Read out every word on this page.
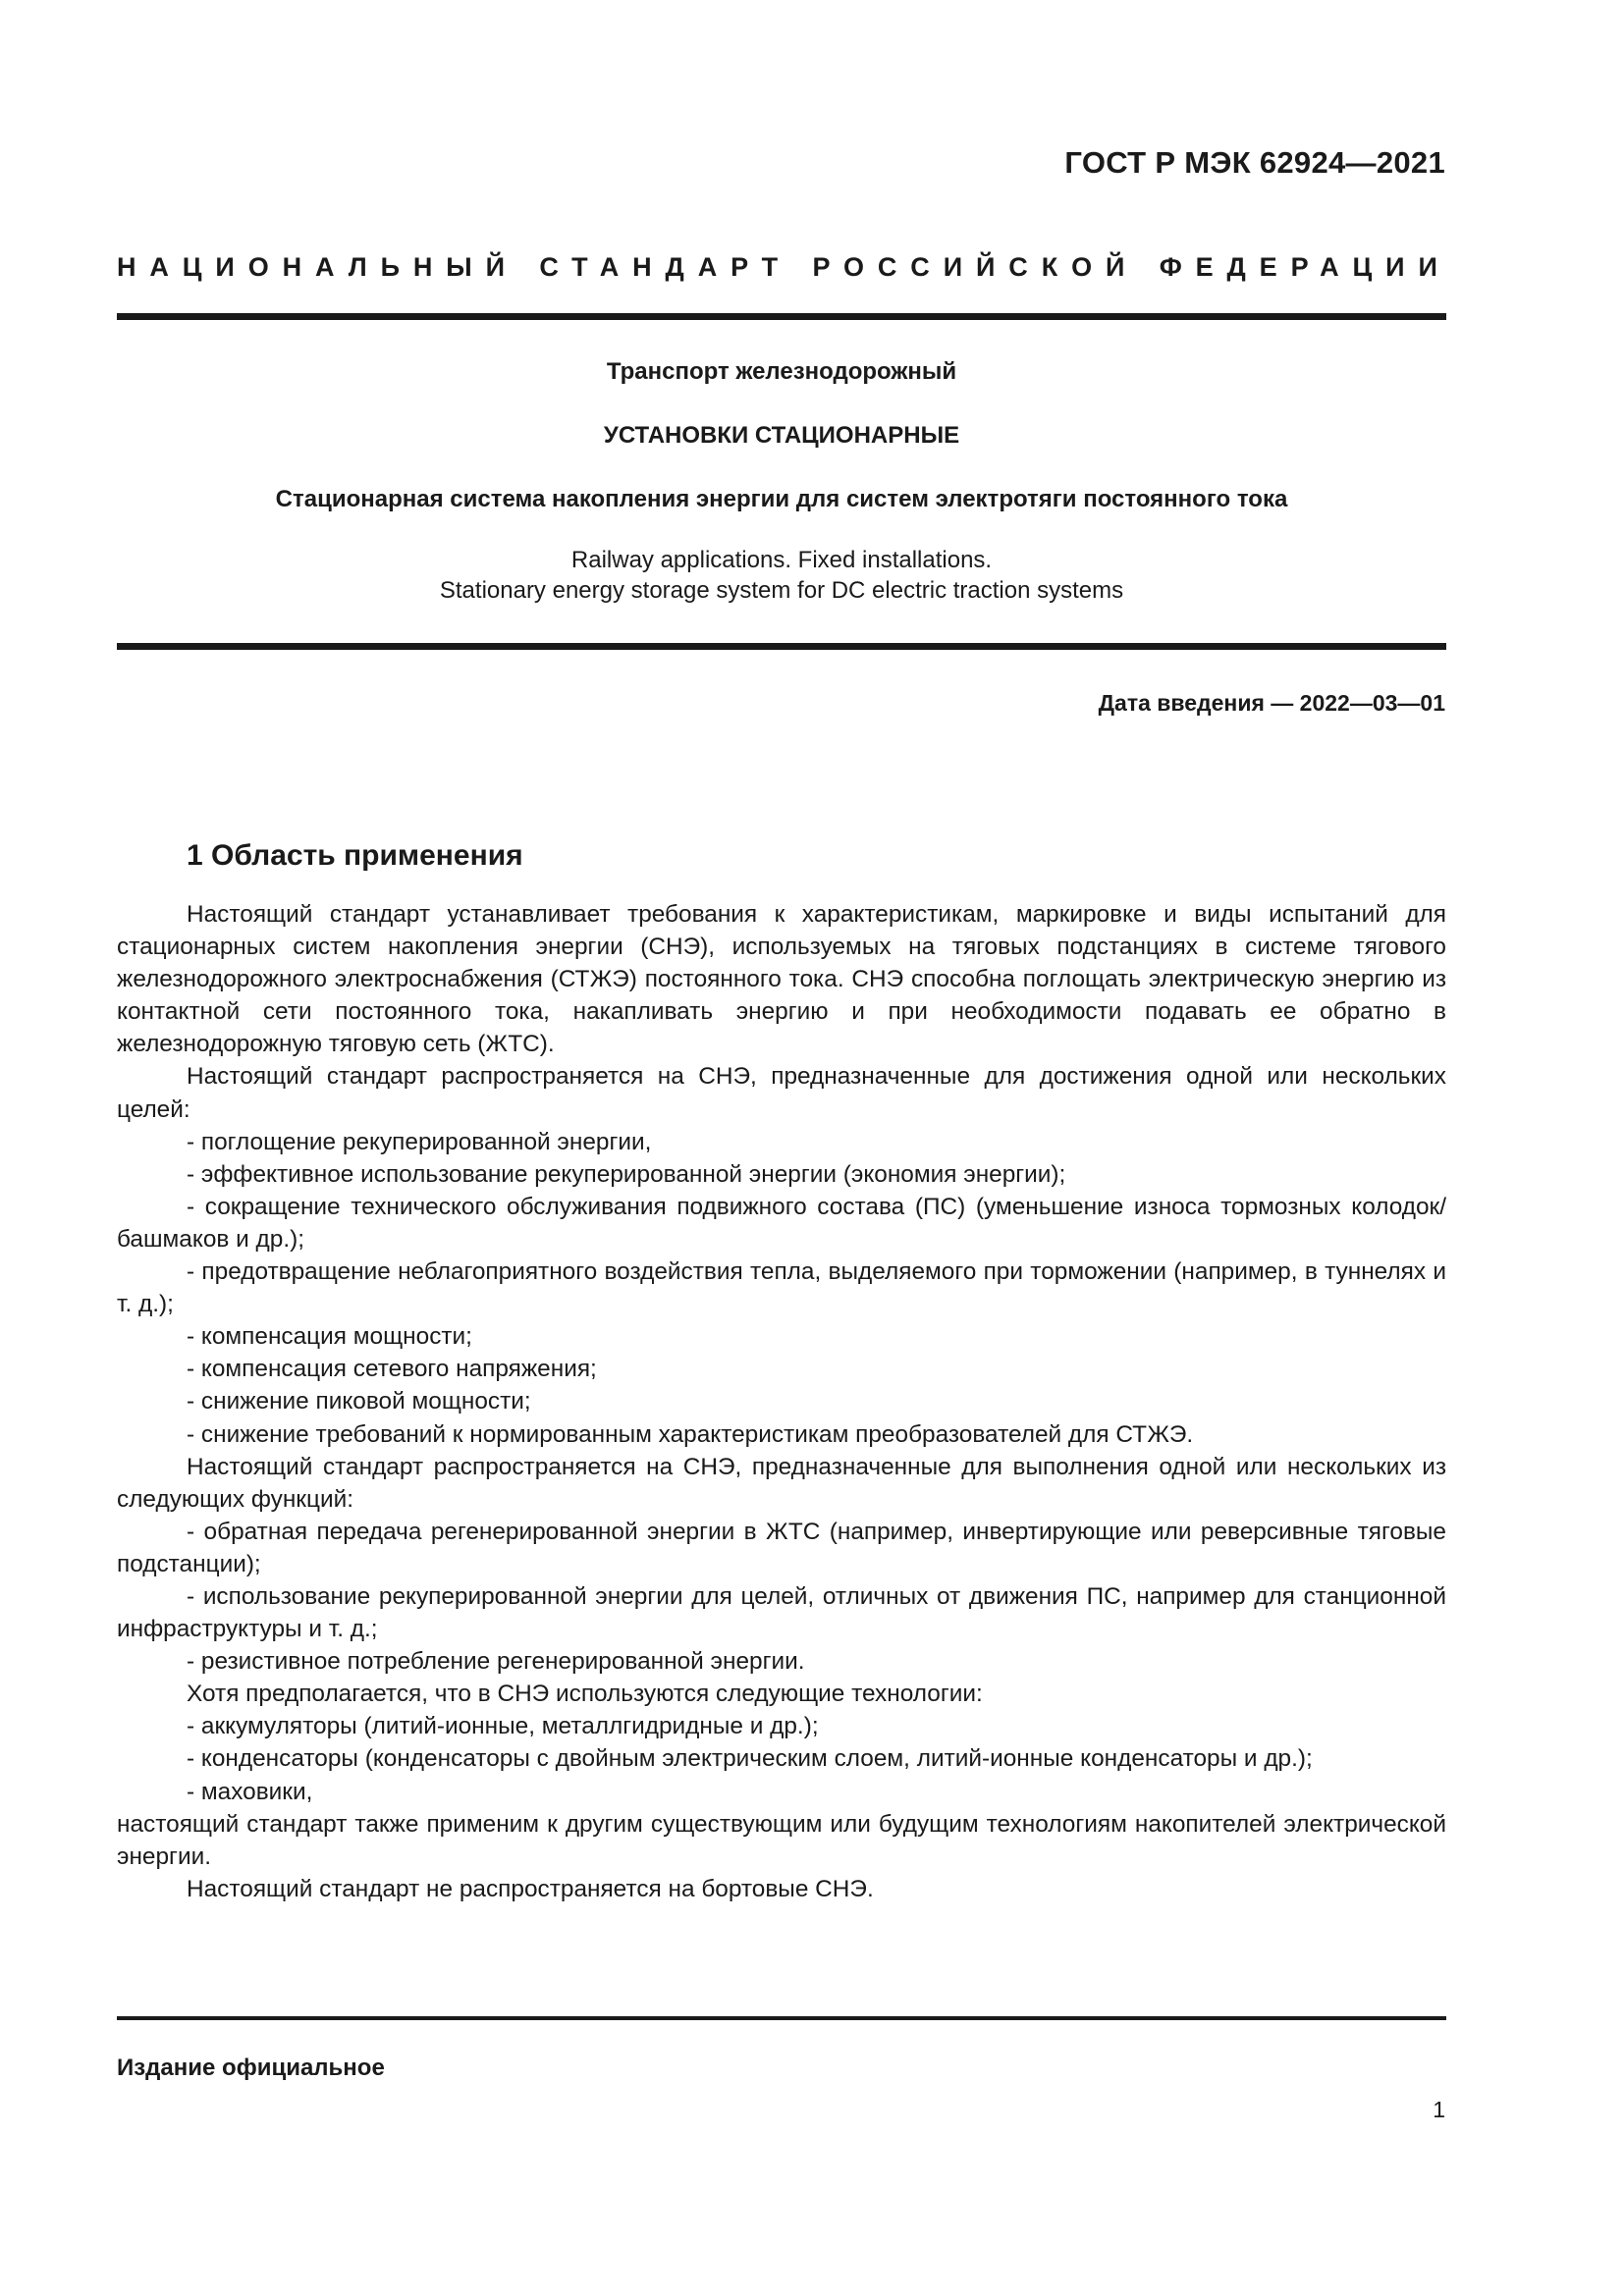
ГОСТ Р МЭК 62924—2021
НАЦИОНАЛЬНЫЙ СТАНДАРТ РОССИЙСКОЙ ФЕДЕРАЦИИ
Транспорт железнодорожный
УСТАНОВКИ СТАЦИОНАРНЫЕ
Стационарная система накопления энергии для систем электротяги постоянного тока
Railway applications. Fixed installations.
Stationary energy storage system for DC electric traction systems
Дата введения — 2022—03—01
1 Область применения

Настоящий стандарт устанавливает требования к характеристикам, маркировке и виды испытаний для стационарных систем накопления энергии (СНЭ), используемых на тяговых подстанциях в системе тягового железнодорожного электроснабжения (СТЖЭ) постоянного тока. СНЭ способна поглощать электрическую энергию из контактной сети постоянного тока, накапливать энергию и при необходимости подавать ее обратно в железнодорожную тяговую сеть (ЖТС).

Настоящий стандарт распространяется на СНЭ, предназначенные для достижения одной или нескольких целей:

- поглощение рекуперированной энергии,

- эффективное использование рекуперированной энергии (экономия энергии);

- сокращение технического обслуживания подвижного состава (ПС) (уменьшение износа тормозных колодок/башмаков и др.);

- предотвращение неблагоприятного воздействия тепла, выделяемого при торможении (например, в туннелях и т. д.);

- компенсация мощности;

- компенсация сетевого напряжения;

- снижение пиковой мощности;

- снижение требований к нормированным характеристикам преобразователей для СТЖЭ.

Настоящий стандарт распространяется на СНЭ, предназначенные для выполнения одной или нескольких из следующих функций:

- обратная передача регенерированной энергии в ЖТС (например, инвертирующие или реверсивные тяговые подстанции);

- использование рекуперированной энергии для целей, отличных от движения ПС, например для станционной инфраструктуры и т. д.;

- резистивное потребление регенерированной энергии.

Хотя предполагается, что в СНЭ используются следующие технологии:

- аккумуляторы (литий-ионные, металлгидридные и др.);

- конденсаторы (конденсаторы с двойным электрическим слоем, литий-ионные конденсаторы и др.);

- маховики,

настоящий стандарт также применим к другим существующим или будущим технологиям накопителей электрической энергии.

Настоящий стандарт не распространяется на бортовые СНЭ.

Издание официальное
1
